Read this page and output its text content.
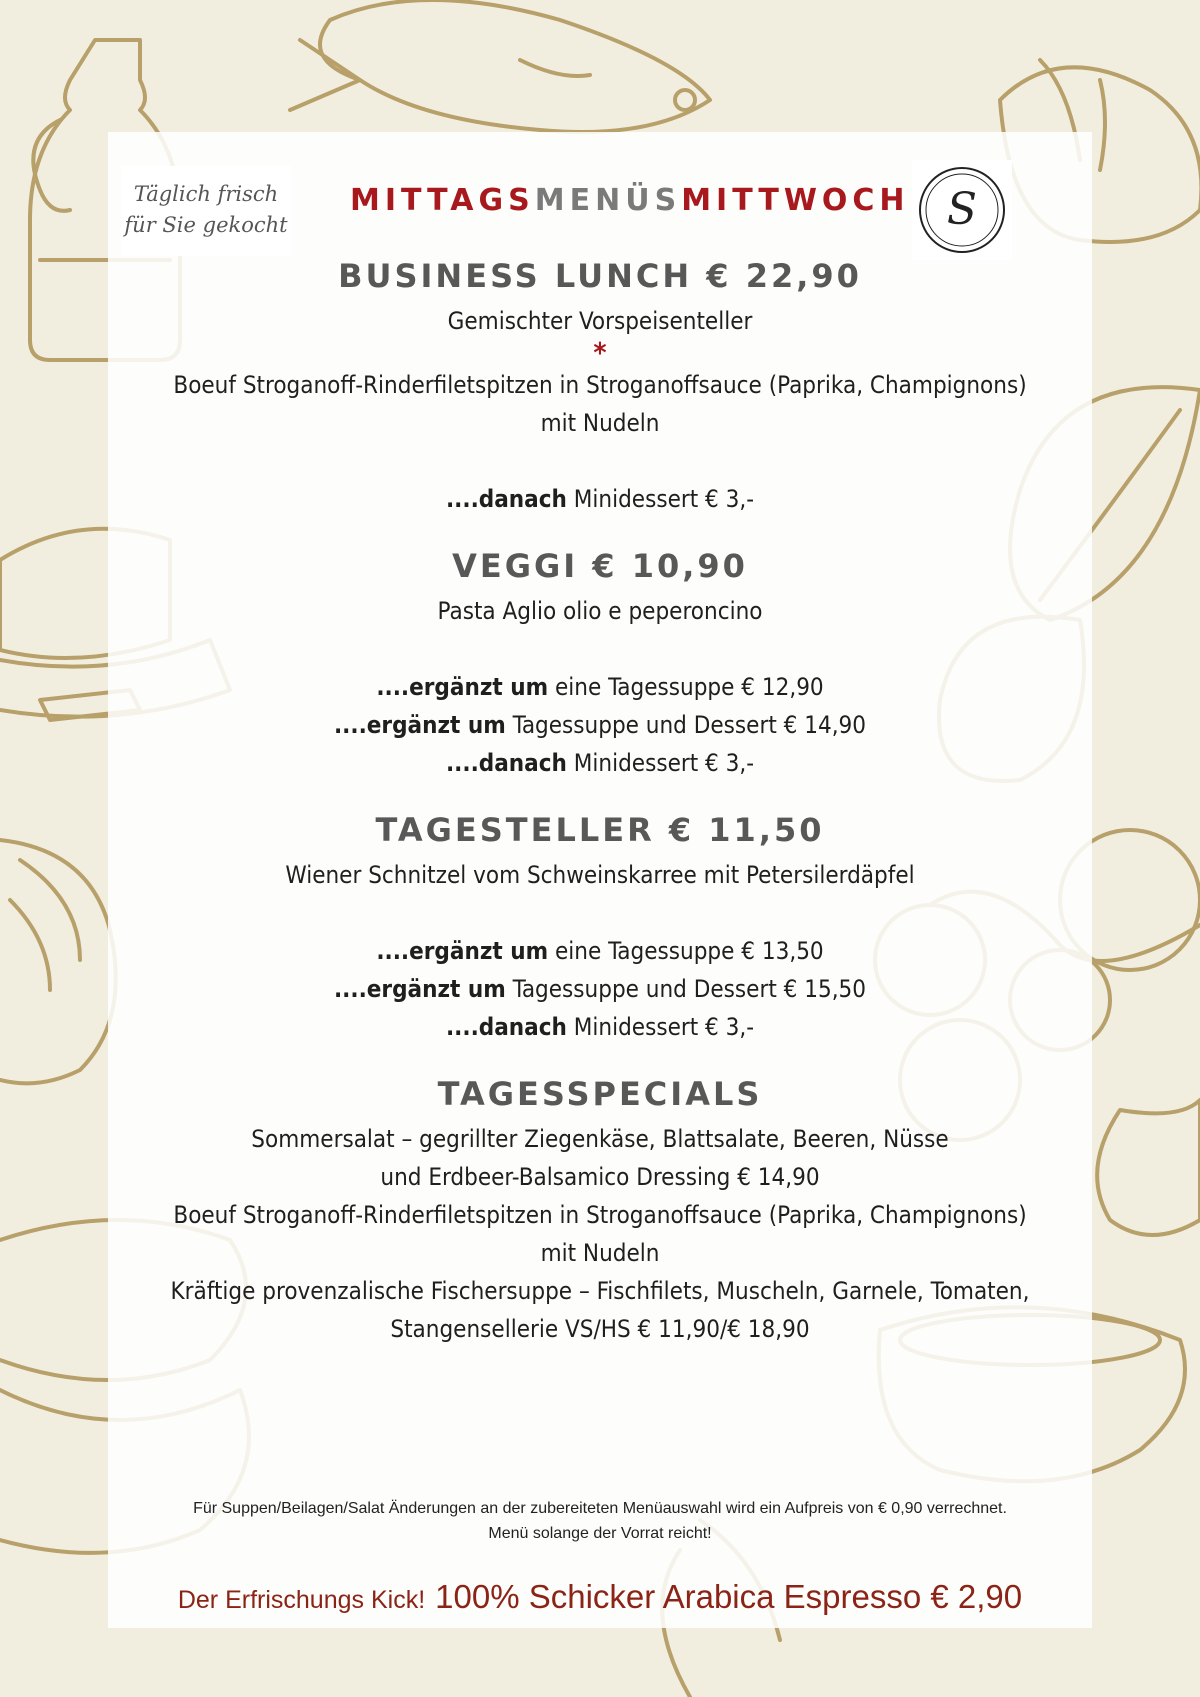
Täglich frisch
für Sie gekocht
MITTAGSMENÜSMITTWOCH S
BUSINESS LUNCH € 22,90
Gemischter Vorspeisenteller
*
Boeuf Stroganoff-Rinderfiletspitzen in Stroganoffsauce (Paprika, Champignons)
mit Nudeln
....danach Minidessert € 3,-
VEGGI € 10,90
Pasta Aglio olio e peperoncino
....ergänzt um eine Tagessuppe € 12,90
....ergänzt um Tagessuppe und Dessert € 14,90
....danach Minidessert € 3,-
TAGESTELLER € 11,50
Wiener Schnitzel vom Schweinskarree mit Petersilerdäpfel
....ergänzt um eine Tagessuppe € 13,50
....ergänzt um Tagessuppe und Dessert € 15,50
....danach Minidessert € 3,-
TAGESSPECIALS
Sommersalat – gegrillter Ziegenkäse, Blattsalate, Beeren, Nüsse
und Erdbeer-Balsamico Dressing € 14,90
Boeuf Stroganoff-Rinderfiletspitzen in Stroganoffsauce (Paprika, Champignons)
mit Nudeln
Kräftige provenzalische Fischersuppe – Fischfilets, Muscheln, Garnele, Tomaten,
Stangensellerie VS/HS € 11,90/€ 18,90
Für Suppen/Beilagen/Salat Änderungen an der zubereiteten Menüauswahl wird ein Aufpreis von € 0,90 verrechnet.
Menü solange der Vorrat reicht!
Der Erfrischungs Kick! 100% Schicker Arabica Espresso € 2,90
